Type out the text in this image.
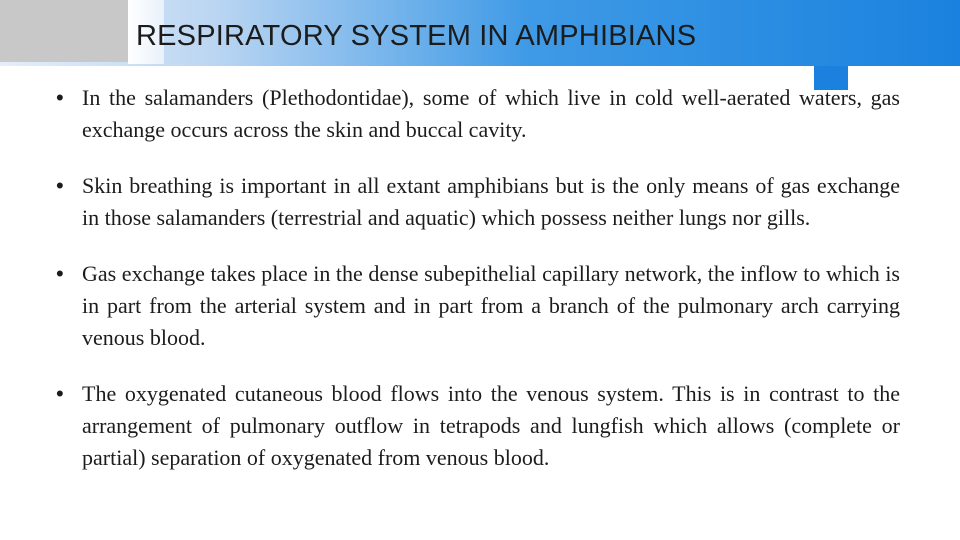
RESPIRATORY SYSTEM IN AMPHIBIANS
• In the salamanders (Plethodontidae), some of which live in cold well-aerated waters, gas exchange occurs across the skin and buccal cavity.
• Skin breathing is important in all extant amphibians but is the only means of gas exchange in those salamanders (terrestrial and aquatic) which possess neither lungs nor gills.
• Gas exchange takes place in the dense subepithelial capillary network, the inflow to which is in part from the arterial system and in part from a branch of the pulmonary arch carrying venous blood.
• The oxygenated cutaneous blood flows into the venous system. This is in contrast to the arrangement of pulmonary outflow in tetrapods and lungfish which allows (complete or partial) separation of oxygenated from venous blood.
